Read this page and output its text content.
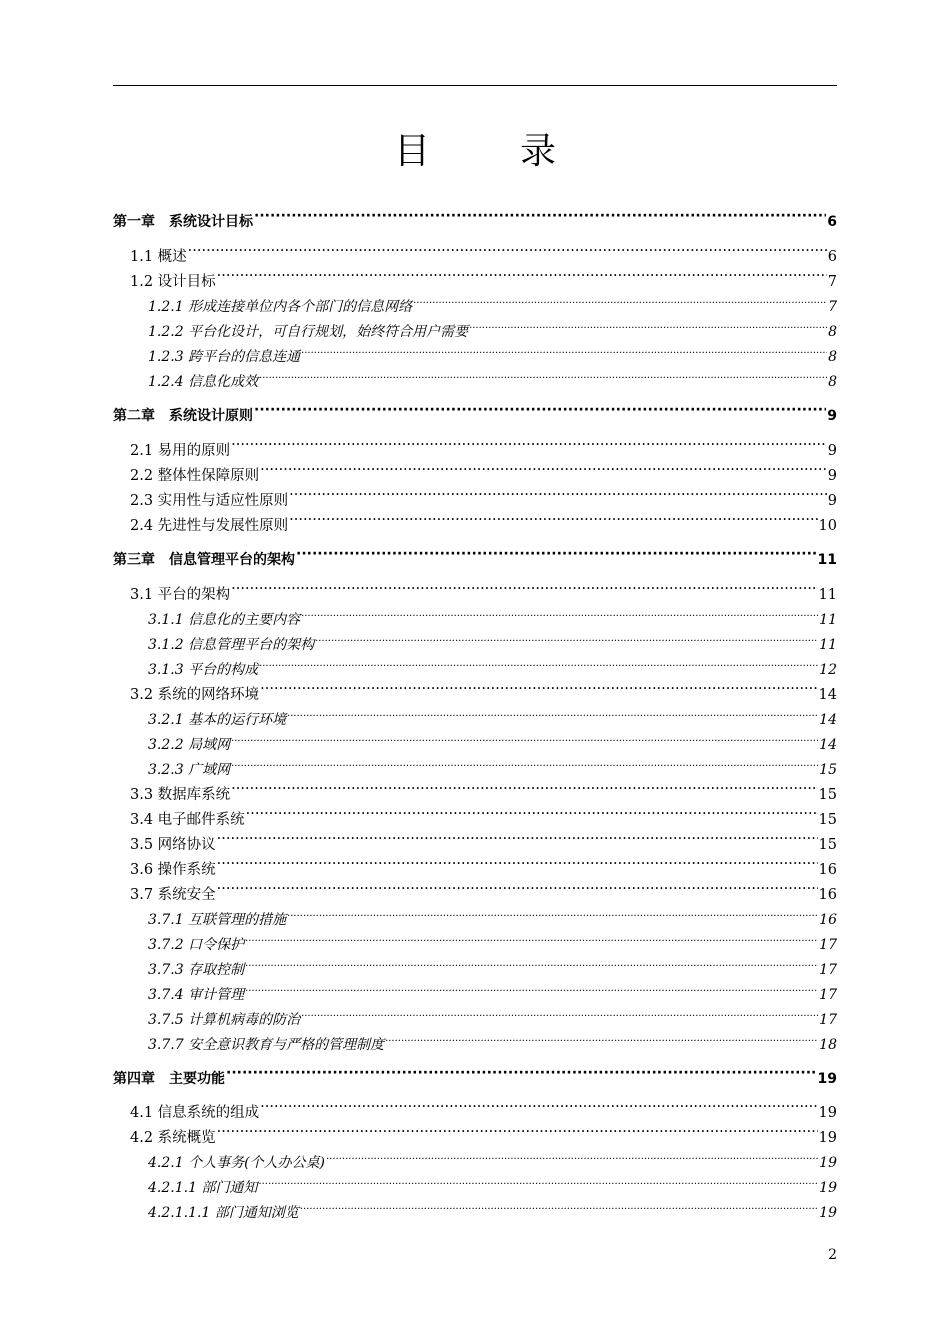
目录
第一章　系统设计目标 ·····	6
1.1 概述 ·····	6
1.2 设计目标 ·····	7
1.2.1 形成连接单位内各个部门的信息网络 ·····	7
1.2.2 平台化设计，可自行规划，始终符合用户需要 ·····	8
1.2.3 跨平台的信息连通 ·····	8
1.2.4 信息化成效 ·····	8
第二章　系统设计原则 ·····	9
2.1 易用的原则 ·····	9
2.2 整体性保障原则 ·····	9
2.3 实用性与适应性原则 ·····	9
2.4 先进性与发展性原则 ·····	10
第三章　信息管理平台的架构 ·····	11
3.1 平台的架构 ·····	11
3.1.1 信息化的主要内容 ·····	11
3.1.2 信息管理平台的架构 ·····	11
3.1.3 平台的构成 ·····	12
3.2 系统的网络环境 ·····	14
3.2.1 基本的运行环境 ·····	14
3.2.2 局域网 ·····	14
3.2.3 广域网 ·····	15
3.3 数据库系统 ·····	15
3.4 电子邮件系统 ·····	15
3.5 网络协议 ·····	15
3.6 操作系统 ·····	16
3.7 系统安全 ·····	16
3.7.1 互联管理的措施 ·····	16
3.7.2 口令保护 ·····	17
3.7.3 存取控制 ·····	17
3.7.4 审计管理 ·····	17
3.7.5 计算机病毒的防治 ·····	17
3.7.7 安全意识教育与严格的管理制度 ·····	18
第四章　主要功能 ·····	19
4.1 信息系统的组成 ·····	19
4.2 系统概览 ·····	19
4.2.1 个人事务(个人办公桌) ·····	19
4.2.1.1 部门通知 ·····	19
4.2.1.1.1 部门通知浏览 ·····	19
2
